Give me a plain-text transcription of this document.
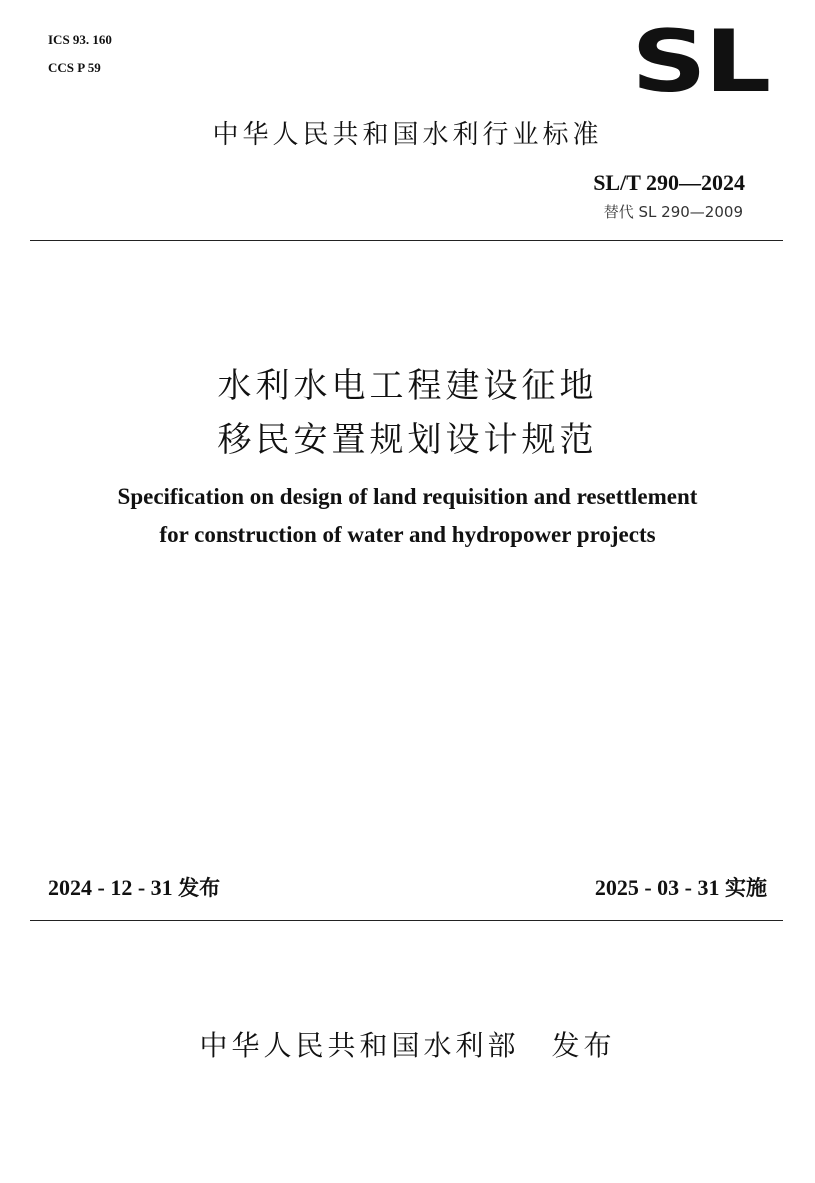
ICS 93. 160
CCS P 59	SL
中华人民共和国水利行业标准
SL/T 290—2024
替代 SL 290—2009
水利水电工程建设征地
移民安置规划设计规范
Specification on design of land requisition and resettlement
for construction of water and hydropower projects
2024 - 12 - 31 发布	2025 - 03 - 31 实施
中华人民共和国水利部　发布
